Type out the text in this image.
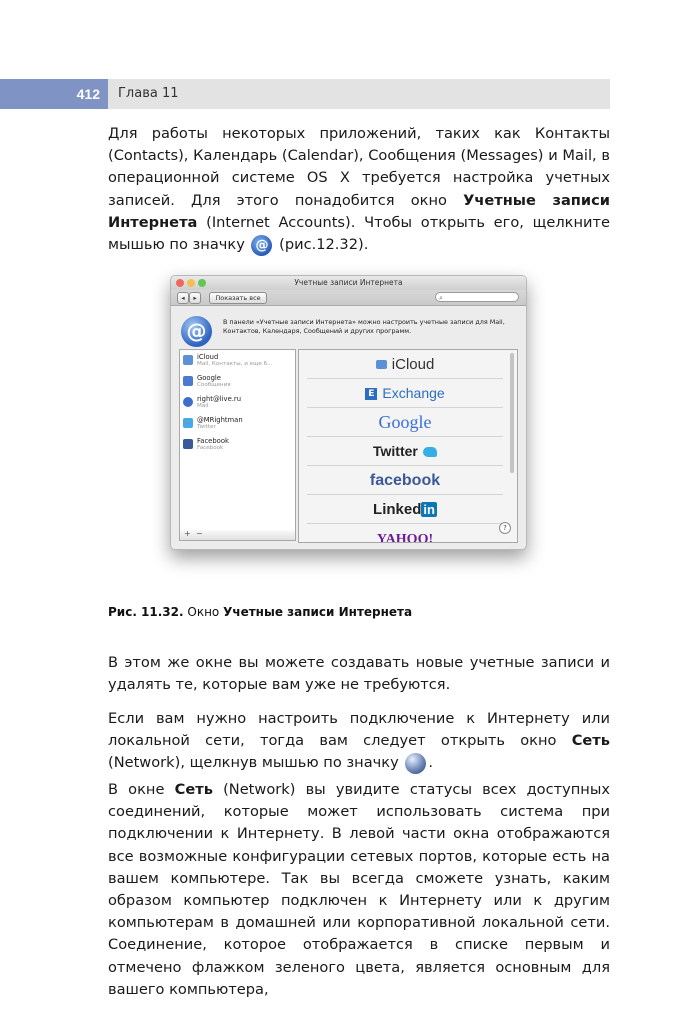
412 Глава 11

Для работы некоторых приложений, таких как Контакты (Contacts), Календарь (Calendar), Сообщения (Messages) и Mail, в операционной системе OS X требуется настройка учетных записей. Для этого понадобится окно Учетные записи Интернета (Internet Accounts). Чтобы открыть его, щелкните мышью по значку @ (рис.12.32).

Учетные записи Интернета
◂	▸	Показать все	⌕
@	В панели «Учетные записи Интернета» можно настроить учетные записи для Mail, Контактов, Календаря, Сообщений и других программ.
iCloud
Mail, Контакты, и еще 6...
Google
Сообщения
right@live.ru
Mail
@MRightman
Twitter
Facebook
Facebook
+ −
iCloud
E Exchange
Google
Twitter
facebook
Linked in
YAHOO!
?

Рис. 11.32. Окно Учетные записи Интернета

В этом же окне вы можете создавать новые учетные записи и удалять те, которые вам уже не требуются.

Если вам нужно настроить подключение к Интернету или локальной сети, тогда вам следует открыть окно Сеть (Network), щелкнув мышью по значку .

В окне Сеть (Network) вы увидите статусы всех доступных соединений, которые может использовать система при подключении к Интернету. В левой части окна отображаются все возможные конфигурации сетевых портов, которые есть на вашем компьютере. Так вы всегда сможете узнать, каким образом компьютер подключен к Интернету или к другим компьютерам в домашней или корпоративной локальной сети. Соединение, которое отображается в списке первым и отмечено флажком зеленого цвета, является основным для вашего компьютера,
